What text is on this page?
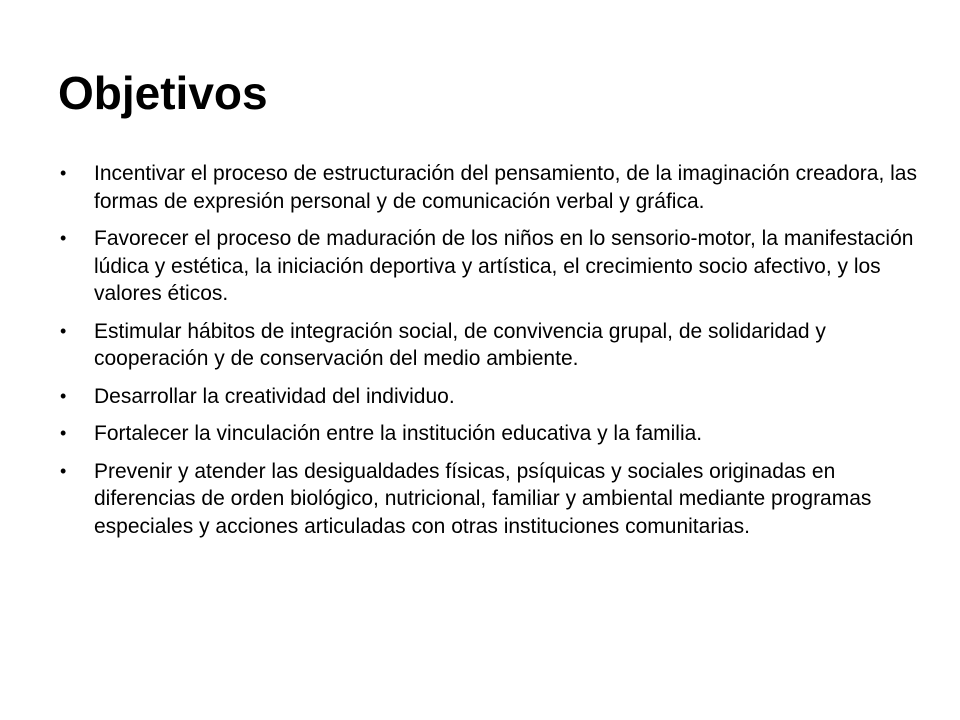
Objetivos
• Incentivar el proceso de estructuración del pensamiento, de la imaginación creadora, las formas de expresión personal y de comunicación verbal y gráfica.
• Favorecer el proceso de maduración de los niños en lo sensorio-motor, la manifestación lúdica y estética, la iniciación deportiva y artística, el crecimiento socio afectivo, y los valores éticos.
• Estimular hábitos de integración social, de convivencia grupal, de solidaridad y cooperación y de conservación del medio ambiente.
• Desarrollar la creatividad del individuo.
• Fortalecer la vinculación entre la institución educativa y la familia.
• Prevenir y atender las desigualdades físicas, psíquicas y sociales originadas en diferencias de orden biológico, nutricional, familiar y ambiental mediante programas especiales y acciones articuladas con otras instituciones comunitarias.
